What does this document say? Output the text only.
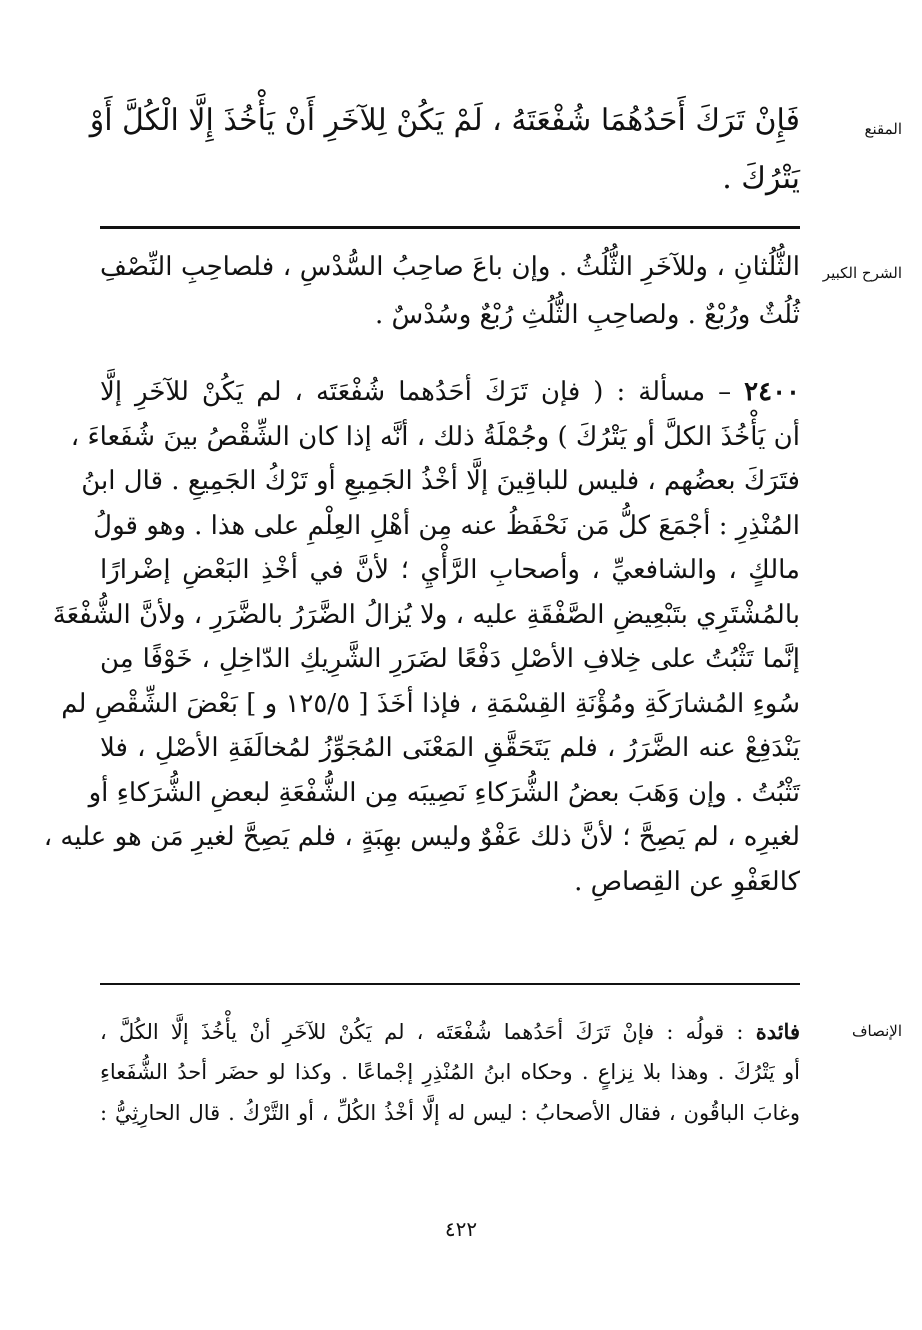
المقنع
فَإِنْ تَرَكَ أَحَدُهُمَا شُفْعَتَهُ ، لَمْ يَكُنْ لِلآخَرِ أَنْ يَأْخُذَ إِلَّا الْكُلَّ أَوْ
يَتْرُكَ .
الشرح الكبير
الثُّلُثانِ ، وللآخَرِ الثُّلُثُ . وإن باعَ صاحِبُ السُّدْسِ ، فلصاحِبِ النِّصْفِ
ثُلُثٌ ورُبْعٌ . ولصاحِبِ الثُّلُثِ رُبْعٌ وسُدْسٌ .
٢٤٠٠ – مسألة : ( فإن تَرَكَ أحَدُهما شُفْعَتَه ، لم يَكُنْ للآخَرِ إلَّا
أن يَأْخُذَ الكلَّ أو يَتْرُكَ ) وجُمْلَةُ ذلك ، أنَّه إذا كان الشِّقْصُ بينَ شُفَعاءَ ،
فتَرَكَ بعضُهم ، فليس للباقِينَ إلَّا أخْذُ الجَمِيعِ أو تَرْكُ الجَمِيعِ . قال ابنُ
المُنْذِرِ : أجْمَعَ كلُّ مَن نَحْفَظُ عنه مِن أهْلِ العِلْمِ على هذا . وهو قولُ
مالكٍ ، والشافعيِّ ، وأصحابِ الرَّأْيِ ؛ لأنَّ في أخْذِ البَعْضِ إضْرارًا
بالمُشْتَرِي بتَبْعِيضِ الصَّفْقَةِ عليه ، ولا يُزالُ الضَّرَرُ بالضَّرَرِ ، ولأنَّ الشُّفْعَةَ
إنَّما تَثْبُتُ على خِلافِ الأصْلِ دَفْعًا لضَرَرِ الشَّرِيكِ الدّاخِلِ ، خَوْفًا مِن
سُوءِ المُشارَكَةِ ومُؤْنَةِ القِسْمَةِ ، فإذا أخَذَ [ ١٢٥/٥ و ] بَعْضَ الشِّقْصِ لم
يَنْدَفِعْ عنه الضَّرَرُ ، فلم يَتَحَقَّقِ المَعْنَى المُجَوِّزُ لمُخالَفَةِ الأصْلِ ، فلا
تَثْبُتُ . وإن وَهَبَ بعضُ الشُّرَكاءِ نَصِيبَه مِن الشُّفْعَةِ لبعضِ الشُّرَكاءِ أو
لغيرِه ، لم يَصِحَّ ؛ لأنَّ ذلك عَفْوٌ وليس بهِبَةٍ ، فلم يَصِحَّ لغيرِ مَن هو عليه ،
كالعَفْوِ عن القِصاصِ .
الإنصاف
فائدة : قولُه : فإنْ تَرَكَ أحَدُهما شُفْعَتَه ، لم يَكُنْ للآخَرِ أنْ يأْخُذَ إلَّا الكُلَّ ،
أو يَتْرُكَ . وهذا بلا نِزاعٍ . وحكاه ابنُ المُنْذِرِ إجْماعًا . وكذا لو حضَر أحدُ الشُّفَعاءِ
وغابَ الباقُون ، فقال الأصحابُ : ليس له إلَّا أخْذُ الكُلِّ ، أو التَّرْكُ . قال الحارِثِيُّ :
٤٢٢
